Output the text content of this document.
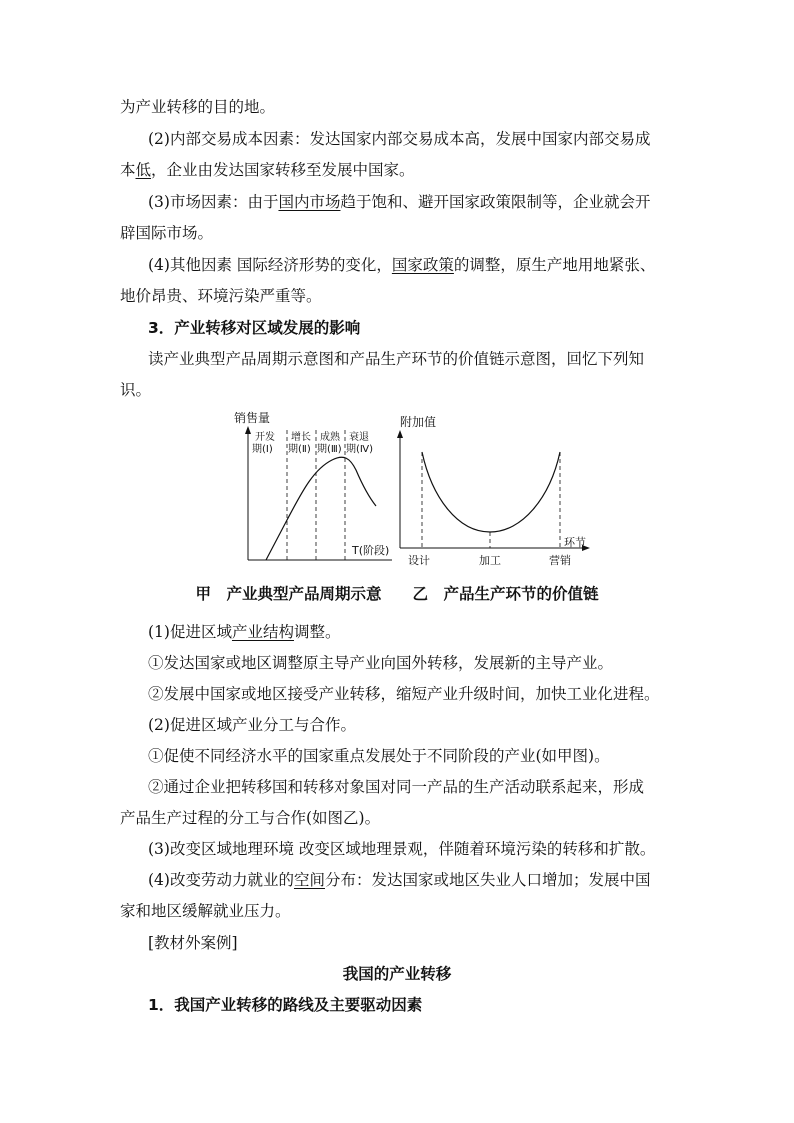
为产业转移的目的地。
(2)内部交易成本因素：发达国家内部交易成本高，发展中国家内部交易成
本低，企业由发达国家转移至发展中国家。
(3)市场因素：由于国内市场趋于饱和、避开国家政策限制等，企业就会开
辟国际市场。
(4)其他因素 国际经济形势的变化，国家政策的调整，原生产地用地紧张、
地价昂贵、环境污染严重等。
3．产业转移对区域发展的影响
读产业典型产品周期示意图和产品生产环节的价值链示意图，回忆下列知
识。
销售量
开发
期(Ⅰ)
增长
期(Ⅱ)
成熟
期(Ⅲ)
衰退
期(Ⅳ)
T(阶段)
附加值
环节
设计	加工	营销
甲　产业典型产品周期示意　　乙　产品生产环节的价值链
(1)促进区域产业结构调整。
①发达国家或地区调整原主导产业向国外转移，发展新的主导产业。
②发展中国家或地区接受产业转移，缩短产业升级时间，加快工业化进程。
(2)促进区域产业分工与合作。
①促使不同经济水平的国家重点发展处于不同阶段的产业(如甲图)。
②通过企业把转移国和转移对象国对同一产品的生产活动联系起来，形成
产品生产过程的分工与合作(如图乙)。
(3)改变区域地理环境 改变区域地理景观，伴随着环境污染的转移和扩散。
(4)改变劳动力就业的空间分布：发达国家或地区失业人口增加；发展中国
家和地区缓解就业压力。
[教材外案例]
我国的产业转移
1．我国产业转移的路线及主要驱动因素
